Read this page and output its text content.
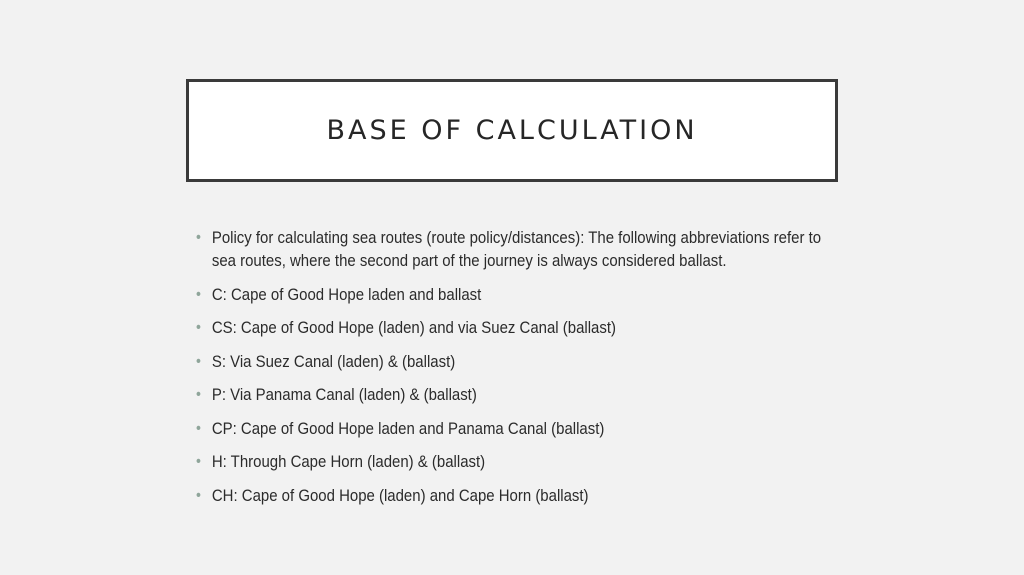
BASE OF CALCULATION
• Policy for calculating sea routes (route policy/distances): The following abbreviations refer to sea routes, where the second part of the journey is always considered ballast.
• C: Cape of Good Hope laden and ballast
• CS: Cape of Good Hope (laden) and via Suez Canal (ballast)
• S: Via Suez Canal (laden) & (ballast)
• P: Via Panama Canal (laden) & (ballast)
• CP: Cape of Good Hope laden and Panama Canal (ballast)
• H: Through Cape Horn (laden) & (ballast)
• CH: Cape of Good Hope (laden) and Cape Horn (ballast)
